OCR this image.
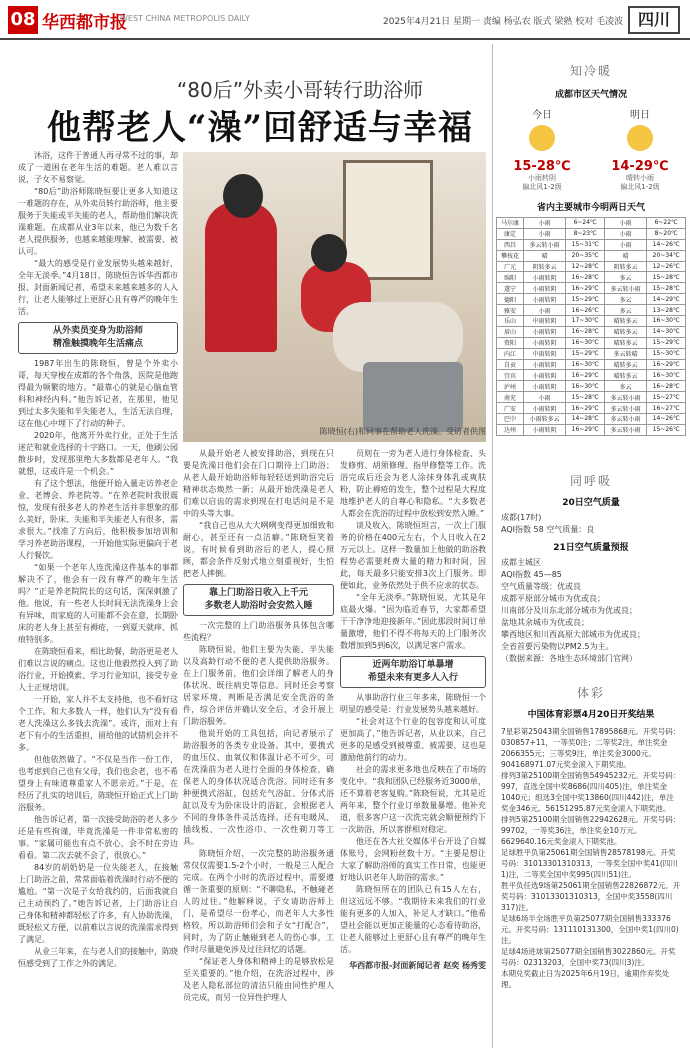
08 华西都市报
WEST CHINA METROPOLIS DAILY	2025年4月21日 星期一 责编 杨弘农 版式 梁熟 校对 毛凌波 四川
“80后”外卖小哥转行助浴师
他帮老人“澡”回舒适与幸福
陈晓恒(右)和同事在帮助老人洗澡。受访者供图

沐浴，这件于普通人再寻常不过的事，却成了一道困在老年生活的难题。老人难以言说，子女不易察觉。

“80后”助浴师陈晓恒要让更多人知道这一难题的存在，从外卖员转行助浴师，他主要服务于失能或半失能的老人，帮助他们解决洗澡难题。在成都从业3年以来，他已为数千名老人提供服务，也越来越能理解、被需要、被认可。

“最大的感受是行业发展势头越来越好，全年无淡季。”4月18日，陈晓恒告诉华西都市报、封面新闻记者，希望未来越来越多的人入行，让老人能够过上更舒心且有尊严的晚年生活。

从外卖员变身为助浴师
精准触摸晚年生活痛点

1987年出生的陈晓恒，曾是个外卖小哥，每天穿梭在成都的各个角落，医院是他跑得最为频繁的地方。“最靠心的就是心脑血管科和神经内科。”他告诉记者，在那里，他见到过太多失能和半失能老人，生活无法自理，这在他心中埋下了行动的种子。

2020年，他离开外卖行业，正处于生活迷茫和就业选择的十字路口。一天，他刷公园散步时，发现那里绝大多数都是老年人。“我就想，这或许是一个机会。”

有了这个想法，他便开始入量走访养老企业、老博会、养老院等。“在养老院时我很震惊，发现有很多老人的养老生活并非想象的那么美好，卧床、失能和半失能老人有很多，需求很大。”找准了方向后，他积极参加培训和学习养老助浴课程，一开始他实际更偏向于老人行餐饮。

“如果一个老年人连洗澡这件基本的事都解决不了，他会有一段有尊严的晚年生活吗？”正是养老院院长的这句话，深深刺激了他。他说，有一些老人长时间无法洗澡身上会有异味，而家庭的人可能都不会在意，长期卧床的老人身上甚至有褥疮，一到夏天就痒、抓痕特别多。

在陈晓恒看来，相比助餐，助浴更是老人们难以言说的痛点。这也让他毅然投入到了助浴行业，开始摸索、学习行业知识，接受专业人士正规培训。

一开始，家人并不太支持他，也不看好这个工作。和大多数人一样，他们认为“没有看老人洗澡这么多钱去洗澡”。或许，面对上有老下有小的生活重担，留给他的试错机会并不多。

但他依然做了。“不仅是当作一份工作，也考虑到自己也有父母，我们也会老，也不希望身上有味道尊重家人不愿亲近。”于是，在经历了扎实的培训后，陈晓恒开始正式上门助浴服务。

他告诉记者，第一次接受助浴的老人多少还是有些拘谨，毕竟洗澡是一件非常私密的事。“家属可能也有点不放心，会不时在旁边看看。第二次去就不会了，很放心。”

84岁的胡奶奶是一位失能老人，在接触上门助浴之前，常常面临着洗澡时行动不便的尴尬。“第一次是子女给我约的，后面我就自己主动预约了。”她告诉记者，上门助浴让自己身体和精神都轻松了许多，有人协助洗澡，既轻松又方便，以前难以言说的洗澡需求得到了满足。

从业三年来，在与老人们的接触中，陈晓恒感受到了工作之外的满足。

从最开始老人被安排助浴，到现在只要是洗澡日他们会在门口期待上门助浴；从老人最开始助浴师每轻轻送到助浴完后精神状态焕然一新；从最开始洗澡是老人们难以启齿的需求到现在打电话问是不是中的头等大事。

“我自己也从大大咧咧变得更加细致和耐心，甚至还有一点洁癖。”陈晓恒笑着说，有时候看到助浴后的老人，提心照顾，都会条件反射式地立刻重视好，生怕把老人摔倒。

靠上门助浴日收入上千元
多数老人助浴时会安然入睡

一次完整的上门助浴服务具体包含哪些流程？

陈晓恒说，他们主要为失能、半失能以及高龄行动不便的老人提供助浴服务。在上门服务前，他们会详细了解老人的身体状况、既往病史等信息。同时还会考察居家环境，判断是否满足安全洗浴的条件，综合评估并确认安全后，才会开展上门助浴服务。

他说开始的工具包括，向记者展示了助浴服务的各类专业设备。其中，要携式的血压仪、血氧仪和体温计必不可少，可在洗澡前为老人进行全面的身体检查，确保老人的身体状况适合洗浴。同时还有多种便携式浴缸，包括充气浴缸、分体式浴缸以及专为卧床设计的浴缸，会根据老人不同的身体条件灵活选择。还有电暖风、插线板、一次性浴巾、一次性剃刀等工具。

陈晓恒介绍，一次完整的助浴服务通常仅仅需要1.5-2个小时，一般是三人配合完成。在两个小时的洗浴过程中，需要遵循一条重要的原则：“不聊隐私，不触碰老人的过往。”他解释说，子女请助浴师上门，是希望尽一份孝心，而老年人大多性格较，所以助浴师们会和子女“打配合”，同时，为了防止触碰到老人的伤心事，工作时尽量避免涉及过往回忆的话题。

“保证老人身体和精神上的是够放松是至关重要的。”他介绍，在洗浴过程中，涉及老人隐私部位的清洁只能由同性护理人员完成，而另一位异性护理人

员则在一旁为老人进行身体检查、头发修剪、胡须修理、指甲修整等工作。洗浴完成后还会为老人涂抹身体乳或爽肤粉，防止褥疮的发生，整个过程是大程度地维护老人的自尊心和隐私。“大多数老人都会在洗浴的过程中放松到安然入睡。”

谈及收入，陈晓恒坦言，一次上门服务的价格在400元左右，个人日收入在2万元以上。这样一数量加上他做的助浴教程势必需要耗费大量的精力和时间，因此，每天最多只能安排3次上门服务。即便如此，业务依然处于供不应求的状态。

“全年无淡季。”陈晓恒说，尤其是年底最火爆。“因为临近春节，大家都希望干干净净地迎接新年。”因此那段时间订单量激增，他们不得不将每天的上门服务次数增加到5到6次，以满足客户需求。

近两年助浴订单暴增
希望未来有更多人入行

从事助浴行业三年多来，陈晓恒一个明显的感受是：行业发展势头越来越好。

“社会对这个行业的包容度和认可度更加高了，”他告诉记者，从业以来，自己更多的是感受到被尊重、被需要，这也是激励他前行的动力。

社会的需求更多地也反映在了市场的变化中。“我和团队已经服务近3000单，还不算着老客复购。”陈晓恒说，尤其是近两年来，整个行业订单数量暴增。他补充道，很多客户这一次洗完就会顺便预约下一次助浴，所以客群相对稳定。

他还在各大社交媒体平台开设了自媒体账号，会网粉丝数十万。“主要是想让大家了解助浴师的真实工作日常，也能更好地认识老年人助浴的需求。”

陈晓恒所在的团队已有15人左右，但这远远不够。“我期待未来我们的行业能有更多的人加入，补足人才缺口。”他希望社会能以更加正能量的心态看待助浴，让老人能够过上更舒心且有尊严的晚年生活。

华西都市报-封面新闻记者 赵奕 杨秀雯
知冷暖
成都市区天气情况
今日
15-28℃
小雨转阴
偏北风1-2级
明日
14-29℃
晴转小雨
偏北风1-2级
省内主要城市今明两日天气
马尔康	小雨	6~24℃	小雨	6~22℃
康定	小雨	8~23℃	小雨	8~20℃
西昌	多云转小雨	15~31℃	小雨	14~26℃
攀枝花	晴	20~35℃	晴	20~34℃
广元	阴转多云	12~28℃	阴转多云	12~26℃
绵阳	小雨转阴	16~28℃	多云	15~28℃
遂宁	小雨转阴	16~29℃	多云转小雨	15~28℃
德阳	小雨转阴	15~29℃	多云	14~29℃
雅安	小雨	16~26℃	多云	13~28℃
乐山	中雨转阴	17~30℃	晴转多云	16~30℃
眉山	小雨转阴	16~28℃	晴转多云	14~30℃
资阳	小雨转阴	16~30℃	晴转多云	15~29℃
内江	中雨转阴	15~29℃	多云转晴	15~30℃
自贡	小雨转阴	16~30℃	晴转多云	16~29℃
宜宾	小雨转阴	16~29℃	晴转多云	16~30℃
泸州	小雨转阴	16~30℃	多云	16~28℃
南充	小雨	15~28℃	多云转小雨	15~27℃
广安	小雨转阴	16~29℃	多云转小雨	16~27℃
巴中	小雨转多云	14~28℃	多云转小雨	14~26℃
达州	小雨转阴	16~29℃	多云转小雨	15~26℃
同呼吸
20日空气质量
成都(17时)
AQI指数 58 空气质量：良
21日空气质量预报
成都主城区
AQI指数 45—85
空气质量等级：优或良
成都平原部分城市为优或良；
川南部分及川东北部分城市为优或良；
盆地其余城市为优或良；
攀西地区和川西高原大部城市为优或良；
全省首要污染物以PM2.5为主。
（数据来源：各地生态环境部门官网）
体彩
中国体育彩票4月20日开奖结果

7星彩第25043期全国销售17895868元。开奖号码：030857+11，一等奖0注；二等奖2注，单注奖金2066355元；三等奖9注，单注奖金3000元。904168971.07元奖金滚入下期奖池。

排列3第25100期全国销售54945232元。开奖号码：997，直选全国中奖8686(四川405)注，单注奖金1040元；组选3全国中奖13860(四川442)注，单注奖金346元。56151295.87元奖金滚入下期奖池。

排列5第25100期全国销售22942628元。开奖号码：99702，一等奖36注，单注奖金10万元。6629640.16元奖金滚入下期奖池。

足球胜平负第25061期全国销售28578198元。开奖号码：31013301310313，一等奖全国中奖41(四川1)注，二等奖全国中奖995(四川51)注。

胜平负任选9场第25061期全国销售22826872元。开奖号码：31013301310313，全国中奖3558(四川317)注。

足球6场半全场胜平负第25077期全国销售333376元。开奖号码：131110131300，全国中奖1(四川0)注。

足球4场进球第25077期全国销售3022860元。开奖号码：02313203，全国中奖73(四川3)注。

本期兑奖截止日为2025年6月19日，逾期作弃奖处理。
